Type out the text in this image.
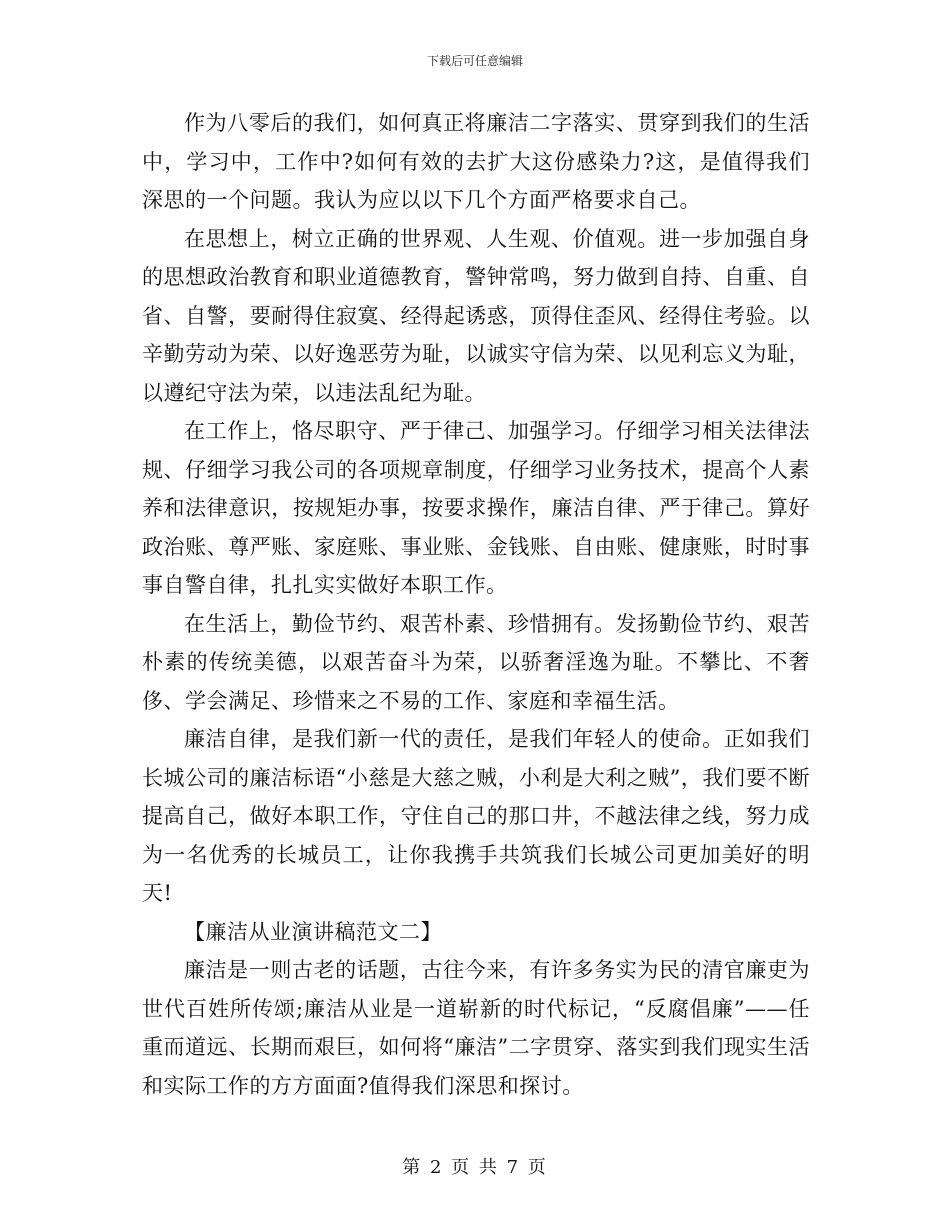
下载后可任意编辑

作为八零后的我们，如何真正将廉洁二字落实、贯穿到我们的生活中，学习中，工作中?如何有效的去扩大这份感染力?这，是值得我们深思的一个问题。我认为应以以下几个方面严格要求自己。

在思想上，树立正确的世界观、人生观、价值观。进一步加强自身的思想政治教育和职业道德教育，警钟常鸣，努力做到自持、自重、自省、自警，要耐得住寂寞、经得起诱惑，顶得住歪风、经得住考验。以辛勤劳动为荣、以好逸恶劳为耻，以诚实守信为荣、以见利忘义为耻，以遵纪守法为荣，以违法乱纪为耻。

在工作上，恪尽职守、严于律己、加强学习。仔细学习相关法律法规、仔细学习我公司的各项规章制度，仔细学习业务技术，提高个人素养和法律意识，按规矩办事，按要求操作，廉洁自律、严于律己。算好政治账、尊严账、家庭账、事业账、金钱账、自由账、健康账，时时事事自警自律，扎扎实实做好本职工作。

在生活上，勤俭节约、艰苦朴素、珍惜拥有。发扬勤俭节约、艰苦朴素的传统美德，以艰苦奋斗为荣，以骄奢淫逸为耻。不攀比、不奢侈、学会满足、珍惜来之不易的工作、家庭和幸福生活。

廉洁自律，是我们新一代的责任，是我们年轻人的使命。正如我们长城公司的廉洁标语“小慈是大慈之贼，小利是大利之贼”，我们要不断提高自己，做好本职工作，守住自己的那口井，不越法律之线，努力成为一名优秀的长城员工，让你我携手共筑我们长城公司更加美好的明天!

【廉洁从业演讲稿范文二】

廉洁是一则古老的话题，古往今来，有许多务实为民的清官廉吏为世代百姓所传颂;廉洁从业是一道崭新的时代标记，“反腐倡廉”——任重而道远、长期而艰巨，如何将“廉洁”二字贯穿、落实到我们现实生活和实际工作的方方面面?值得我们深思和探讨。

第 2 页 共 7 页
